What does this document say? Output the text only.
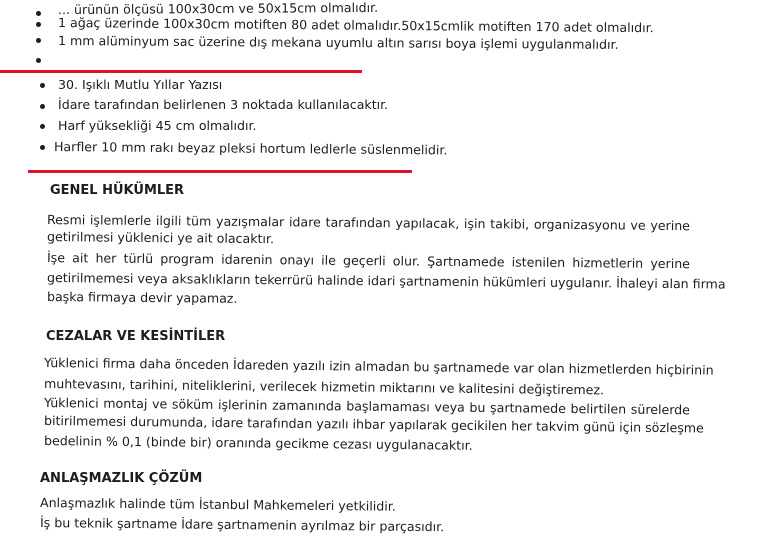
... ürünün ölçüsü 100x30cm ve 50x15cm olmalıdır.
1 ağaç üzerinde 100x30cm motiften 80 adet olmalıdır.50x15cmlik motiften 170 adet olmalıdır.
1 mm alüminyum sac üzerine dış mekana uyumlu altın sarısı boya işlemi uygulanmalıdır.
30. Işıklı Mutlu Yıllar Yazısı
İdare tarafından belirlenen 3 noktada kullanılacaktır.
Harf yüksekliği 45 cm olmalıdır.
Harfler 10 mm rakı beyaz pleksi hortum ledlerle süslenmelidir.
GENEL HÜKÜMLER
Resmi işlemlerle ilgili tüm yazışmalar idare tarafından yapılacak, işin takibi, organizasyonu ve yerine
getirilmesi yüklenici ye ait olacaktır.
İşe ait her türlü program idarenin onayı ile geçerli olur. Şartnamede istenilen hizmetlerin yerine
getirilmemesi veya aksaklıkların tekerrürü halinde idari şartnamenin hükümleri uygulanır. İhaleyi alan firma
başka firmaya devir yapamaz.
CEZALAR VE KESİNTİLER
Yüklenici firma daha önceden İdareden yazılı izin almadan bu şartnamede var olan hizmetlerden hiçbirinin
muhtevasını, tarihini, niteliklerini, verilecek hizmetin miktarını ve kalitesini değiştiremez.
Yüklenici montaj ve söküm işlerinin zamanında başlamaması veya bu şartnamede belirtilen sürelerde
bitirilmemesi durumunda, idare tarafından yazılı ihbar yapılarak gecikilen her takvim günü için sözleşme
bedelinin % 0,1 (binde bir) oranında gecikme cezası uygulanacaktır.
ANLAŞMAZLIK ÇÖZÜM
Anlaşmazlık halinde tüm İstanbul Mahkemeleri yetkilidir.
İş bu teknik şartname İdare şartnamenin ayrılmaz bir parçasıdır.
